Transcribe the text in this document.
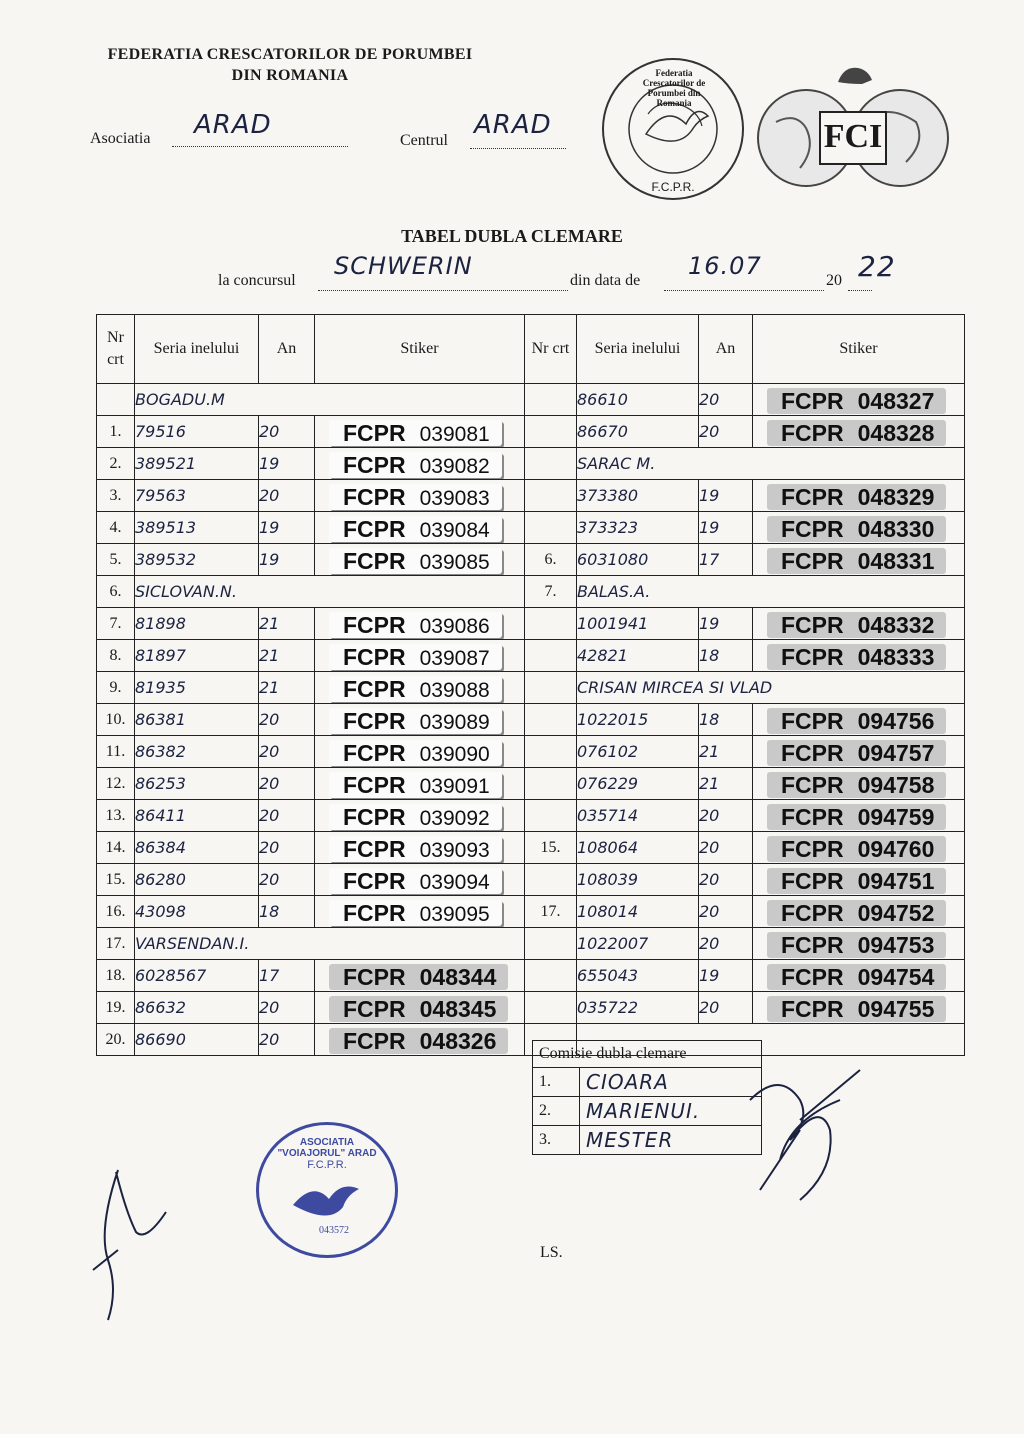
FEDERATIA CRESCATORILOR DE PORUMBEI
DIN ROMANIA
Asociatia	ARAD
Centrul
ARAD
Federatia Crescatorilor de Porumbei din Romania
F.C.P.R.
FCI
TABEL DUBLA CLEMARE
la concursul
SCHWERIN
din data de
16.07
20 22
Nr crt	Seria inelului	An	Stiker	Nr crt	Seria inelului	An	Stiker
	BOGADU.M				86610	20	FCPR 048327
1.	79516	20	FCPR 039081		86670	20	FCPR 048328
2.	389521	19	FCPR 039082		SARAC M.		
3.	79563	20	FCPR 039083		373380	19	FCPR 048329
4.	389513	19	FCPR 039084		373323	19	FCPR 048330
5.	389532	19	FCPR 039085	6.	6031080	17	FCPR 048331
6.	SICLOVAN.N.			7.	BALAS.A.		
7.	81898	21	FCPR 039086		1001941	19	FCPR 048332
8.	81897	21	FCPR 039087		42821	18	FCPR 048333
9.	81935	21	FCPR 039088		CRISAN MIRCEA SI VLAD		
10.	86381	20	FCPR 039089		1022015	18	FCPR 094756
11.	86382	20	FCPR 039090		076102	21	FCPR 094757
12.	86253	20	FCPR 039091		076229	21	FCPR 094758
13.	86411	20	FCPR 039092		035714	20	FCPR 094759
14.	86384	20	FCPR 039093	15.	108064	20	FCPR 094760
15.	86280	20	FCPR 039094		108039	20	FCPR 094751
16.	43098	18	FCPR 039095	17.	108014	20	FCPR 094752
17.	VARSENDAN.I.				1022007	20	FCPR 094753
18.	6028567	17	FCPR 048344		655043	19	FCPR 094754
19.	86632	20	FCPR 048345		035722	20	FCPR 094755
20.	86690	20	FCPR 048326					Comisie dubla clemare	
1.	CIOARA
2.	MARIENUI.
3.	MESTER
ASOCIATIA "VOIAJORUL" ARAD
F.C.P.R.
043572
LS.
